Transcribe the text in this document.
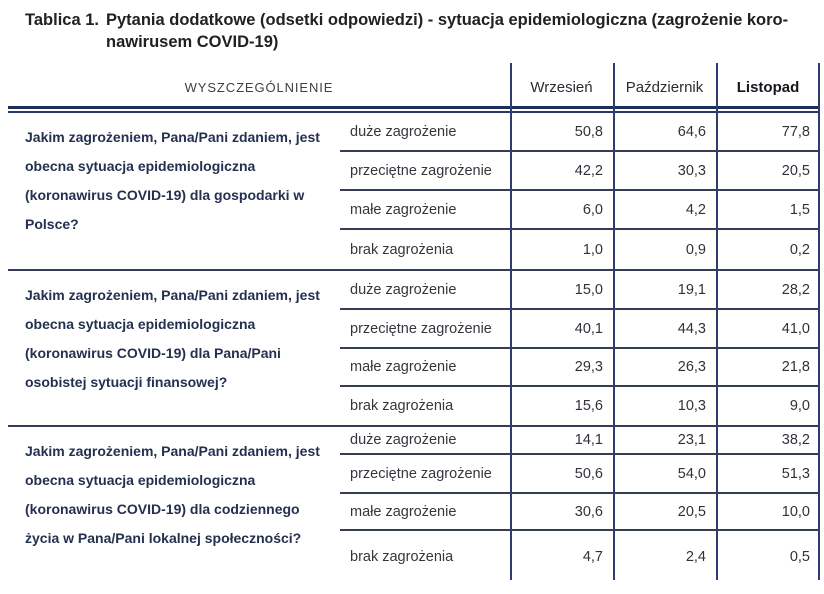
Tablica 1. Pytania dodatkowe (odsetki odpowiedzi) - sytuacja epidemiologiczna (zagrożenie koro-
nawirusem COVID-19)
WYSZCZEGÓLNIENIE	Wrzesień	Październik	Listopad
Jakim zagrożeniem, Pana/Pani zdaniem, jest obecna sytuacja epidemiologiczna (koronawirus COVID-19) dla gospodarki w Polsce?
duże zagrożenie	50,8	64,6	77,8
przeciętne zagrożenie	42,2	30,3	20,5
małe zagrożenie	6,0	4,2	1,5
brak zagrożenia	1,0	0,9	0,2
Jakim zagrożeniem, Pana/Pani zdaniem, jest obecna sytuacja epidemiologiczna (koronawirus COVID-19) dla Pana/Pani osobistej sytuacji finansowej?
duże zagrożenie	15,0	19,1	28,2
przeciętne zagrożenie	40,1	44,3	41,0
małe zagrożenie	29,3	26,3	21,8
brak zagrożenia	15,6	10,3	9,0
Jakim zagrożeniem, Pana/Pani zdaniem, jest obecna sytuacja epidemiologiczna (koronawirus COVID-19) dla codziennego życia w Pana/Pani lokalnej społeczności?
duże zagrożenie	14,1	23,1	38,2
przeciętne zagrożenie	50,6	54,0	51,3
małe zagrożenie	30,6	20,5	10,0
brak zagrożenia	4,7	2,4	0,5
